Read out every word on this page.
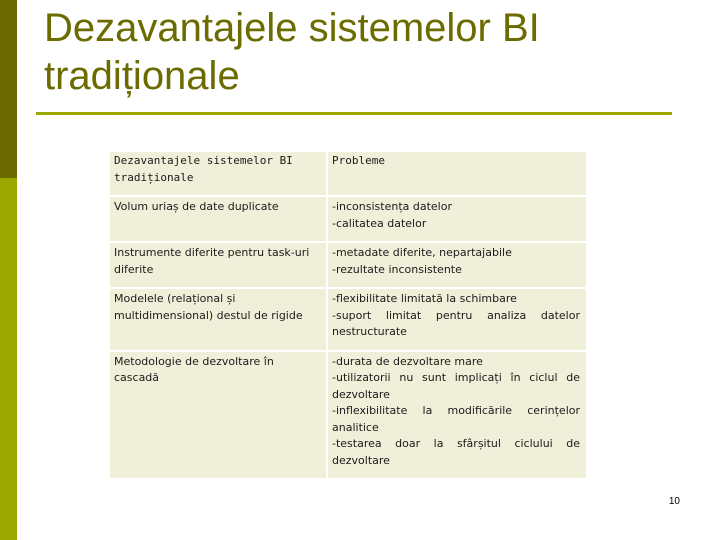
Dezavantajele sistemelor BI
tradiționale
Dezavantajele sistemelor BI tradiționale	Probleme
Volum uriaș de date duplicate	-inconsistența datelor
-calitatea datelor

Instrumente diferite pentru task-uri diferite	-metadate diferite, nepartajabile
-rezultate inconsistente

Modelele (relațional și multidimensional) destul de rigide	-flexibilitate limitată la schimbare
-suport limitat pentru analiza datelor nestructurate

Metodologie de dezvoltare în cascadă	-durata de dezvoltare mare
-utilizatorii nu sunt implicați în ciclul de dezvoltare
-inflexibilitate la modificările cerințelor analitice
-testarea doar la sfârșitul ciclului de dezvoltare
10
